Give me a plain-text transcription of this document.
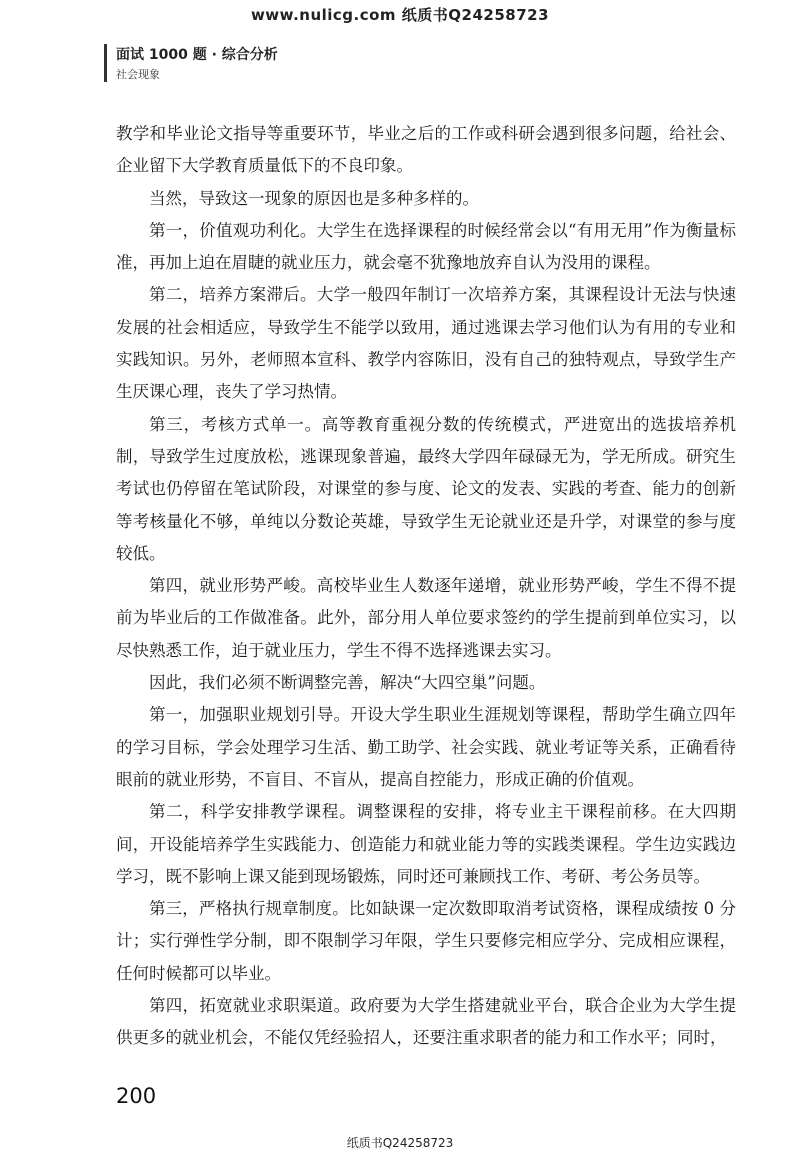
www.nulicg.com 纸质书Q24258723
面试 1000 题 · 综合分析
社会现象

教学和毕业论文指导等重要环节，毕业之后的工作或科研会遇到很多问题，给社会、企业留下大学教育质量低下的不良印象。

当然，导致这一现象的原因也是多种多样的。

第一，价值观功利化。大学生在选择课程的时候经常会以“有用无用”作为衡量标准，再加上迫在眉睫的就业压力，就会毫不犹豫地放弃自认为没用的课程。

第二，培养方案滞后。大学一般四年制订一次培养方案，其课程设计无法与快速发展的社会相适应，导致学生不能学以致用，通过逃课去学习他们认为有用的专业和实践知识。另外，老师照本宣科、教学内容陈旧，没有自己的独特观点，导致学生产生厌课心理，丧失了学习热情。

第三，考核方式单一。高等教育重视分数的传统模式，严进宽出的选拔培养机制，导致学生过度放松，逃课现象普遍，最终大学四年碌碌无为，学无所成。研究生考试也仍停留在笔试阶段，对课堂的参与度、论文的发表、实践的考查、能力的创新等考核量化不够，单纯以分数论英雄，导致学生无论就业还是升学，对课堂的参与度较低。

第四，就业形势严峻。高校毕业生人数逐年递增，就业形势严峻，学生不得不提前为毕业后的工作做准备。此外，部分用人单位要求签约的学生提前到单位实习，以尽快熟悉工作，迫于就业压力，学生不得不选择逃课去实习。

因此，我们必须不断调整完善，解决“大四空巢”问题。

第一，加强职业规划引导。开设大学生职业生涯规划等课程，帮助学生确立四年的学习目标，学会处理学习生活、勤工助学、社会实践、就业考证等关系，正确看待眼前的就业形势，不盲目、不盲从，提高自控能力，形成正确的价值观。

第二，科学安排教学课程。调整课程的安排，将专业主干课程前移。在大四期间，开设能培养学生实践能力、创造能力和就业能力等的实践类课程。学生边实践边学习，既不影响上课又能到现场锻炼，同时还可兼顾找工作、考研、考公务员等。

第三，严格执行规章制度。比如缺课一定次数即取消考试资格，课程成绩按 0 分计；实行弹性学分制，即不限制学习年限，学生只要修完相应学分、完成相应课程，任何时候都可以毕业。

第四，拓宽就业求职渠道。政府要为大学生搭建就业平台，联合企业为大学生提供更多的就业机会，不能仅凭经验招人，还要注重求职者的能力和工作水平；同时，

200
纸质书Q24258723
